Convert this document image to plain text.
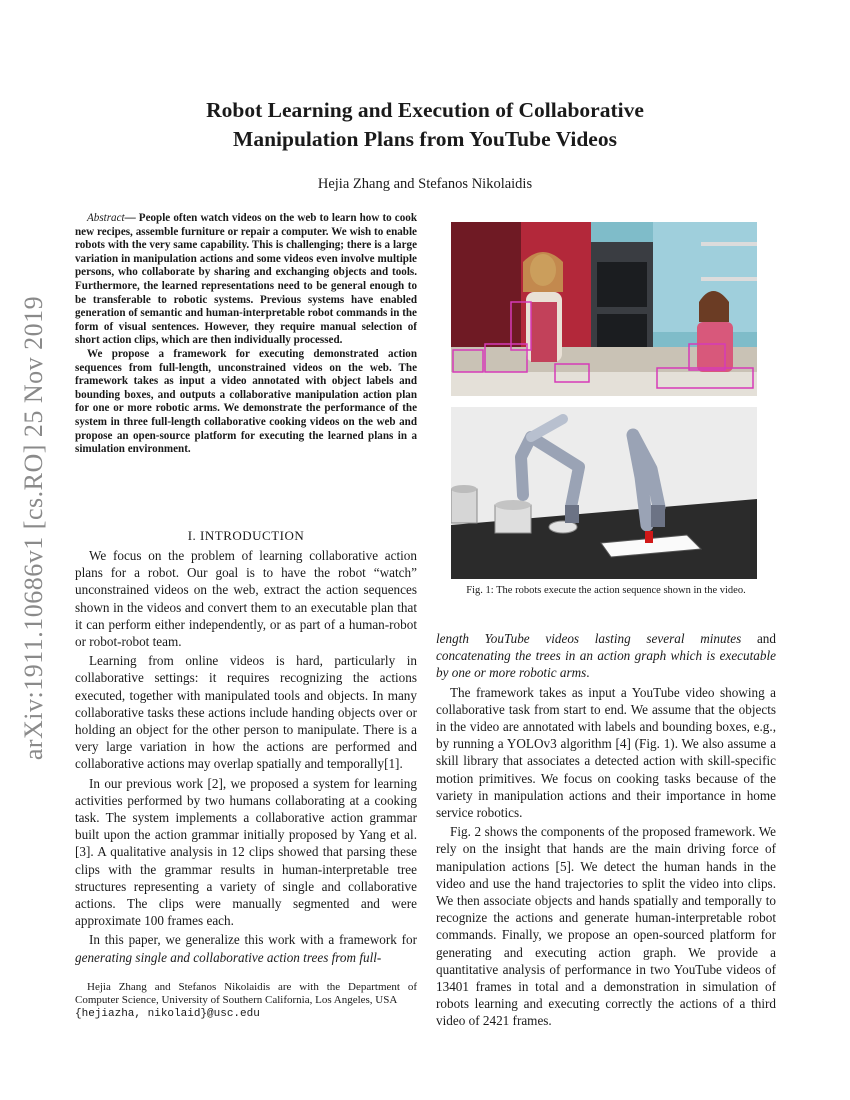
arXiv:1911.10686v1 [cs.RO] 25 Nov 2019
Robot Learning and Execution of Collaborative
Manipulation Plans from YouTube Videos
Hejia Zhang and Stefanos Nikolaidis

Abstract— People often watch videos on the web to learn how to cook new recipes, assemble furniture or repair a computer. We wish to enable robots with the very same capability. This is challenging; there is a large variation in manipulation actions and some videos even involve multiple persons, who collaborate by sharing and exchanging objects and tools. Furthermore, the learned representations need to be general enough to be transferable to robotic systems. Previous systems have enabled generation of semantic and human-interpretable robot commands in the form of visual sentences. However, they require manual selection of short action clips, which are then individually processed.

We propose a framework for executing demonstrated action sequences from full-length, unconstrained videos on the web. The framework takes as input a video annotated with object labels and bounding boxes, and outputs a collaborative manipulation action plan for one or more robotic arms. We demonstrate the performance of the system in three full-length collaborative cooking videos on the web and propose an open-source platform for executing the learned plans in a simulation environment.

I. INTRODUCTION

We focus on the problem of learning collaborative action plans for a robot. Our goal is to have the robot “watch” unconstrained videos on the web, extract the action sequences shown in the videos and convert them to an executable plan that it can perform either independently, or as part of a human-robot or robot-robot team.

Learning from online videos is hard, particularly in collaborative settings: it requires recognizing the actions executed, together with manipulated tools and objects. In many collaborative tasks these actions include handing objects over or holding an object for the other person to manipulate. There is a very large variation in how the actions are performed and collaborative actions may overlap spatially and temporally[1].

In our previous work [2], we proposed a system for learning activities performed by two humans collaborating at a cooking task. The system implements a collaborative action grammar built upon the action grammar initially proposed by Yang et al. [3]. A qualitative analysis in 12 clips showed that parsing these clips with the grammar results in human-interpretable tree structures representing a variety of single and collaborative actions. The clips were manually segmented and were approximate 100 frames each.

In this paper, we generalize this work with a framework for generating single and collaborative action trees from full-

Hejia Zhang and Stefanos Nikolaidis are with the Department of Computer Science, University of Southern California, Los Angeles, USA
{hejiazha, nikolaid}@usc.edu

Fig. 1: The robots execute the action sequence shown in the video.

length YouTube videos lasting several minutes and concatenating the trees in an action graph which is executable by one or more robotic arms.

The framework takes as input a YouTube video showing a collaborative task from start to end. We assume that the objects in the video are annotated with labels and bounding boxes, e.g., by running a YOLOv3 algorithm [4] (Fig. 1). We also assume a skill library that associates a detected action with skill-specific motion primitives. We focus on cooking tasks because of the variety in manipulation actions and their importance in home service robotics.

Fig. 2 shows the components of the proposed framework. We rely on the insight that hands are the main driving force of manipulation actions [5]. We detect the human hands in the video and use the hand trajectories to split the video into clips. We then associate objects and hands spatially and temporally to recognize the actions and generate human-interpretable robot commands. Finally, we propose an open-sourced platform for generating and executing action graph. We provide a quantitative analysis of performance in two YouTube videos of 13401 frames in total and a demonstration in simulation of robots learning and executing correctly the actions of a third video of 2421 frames.
